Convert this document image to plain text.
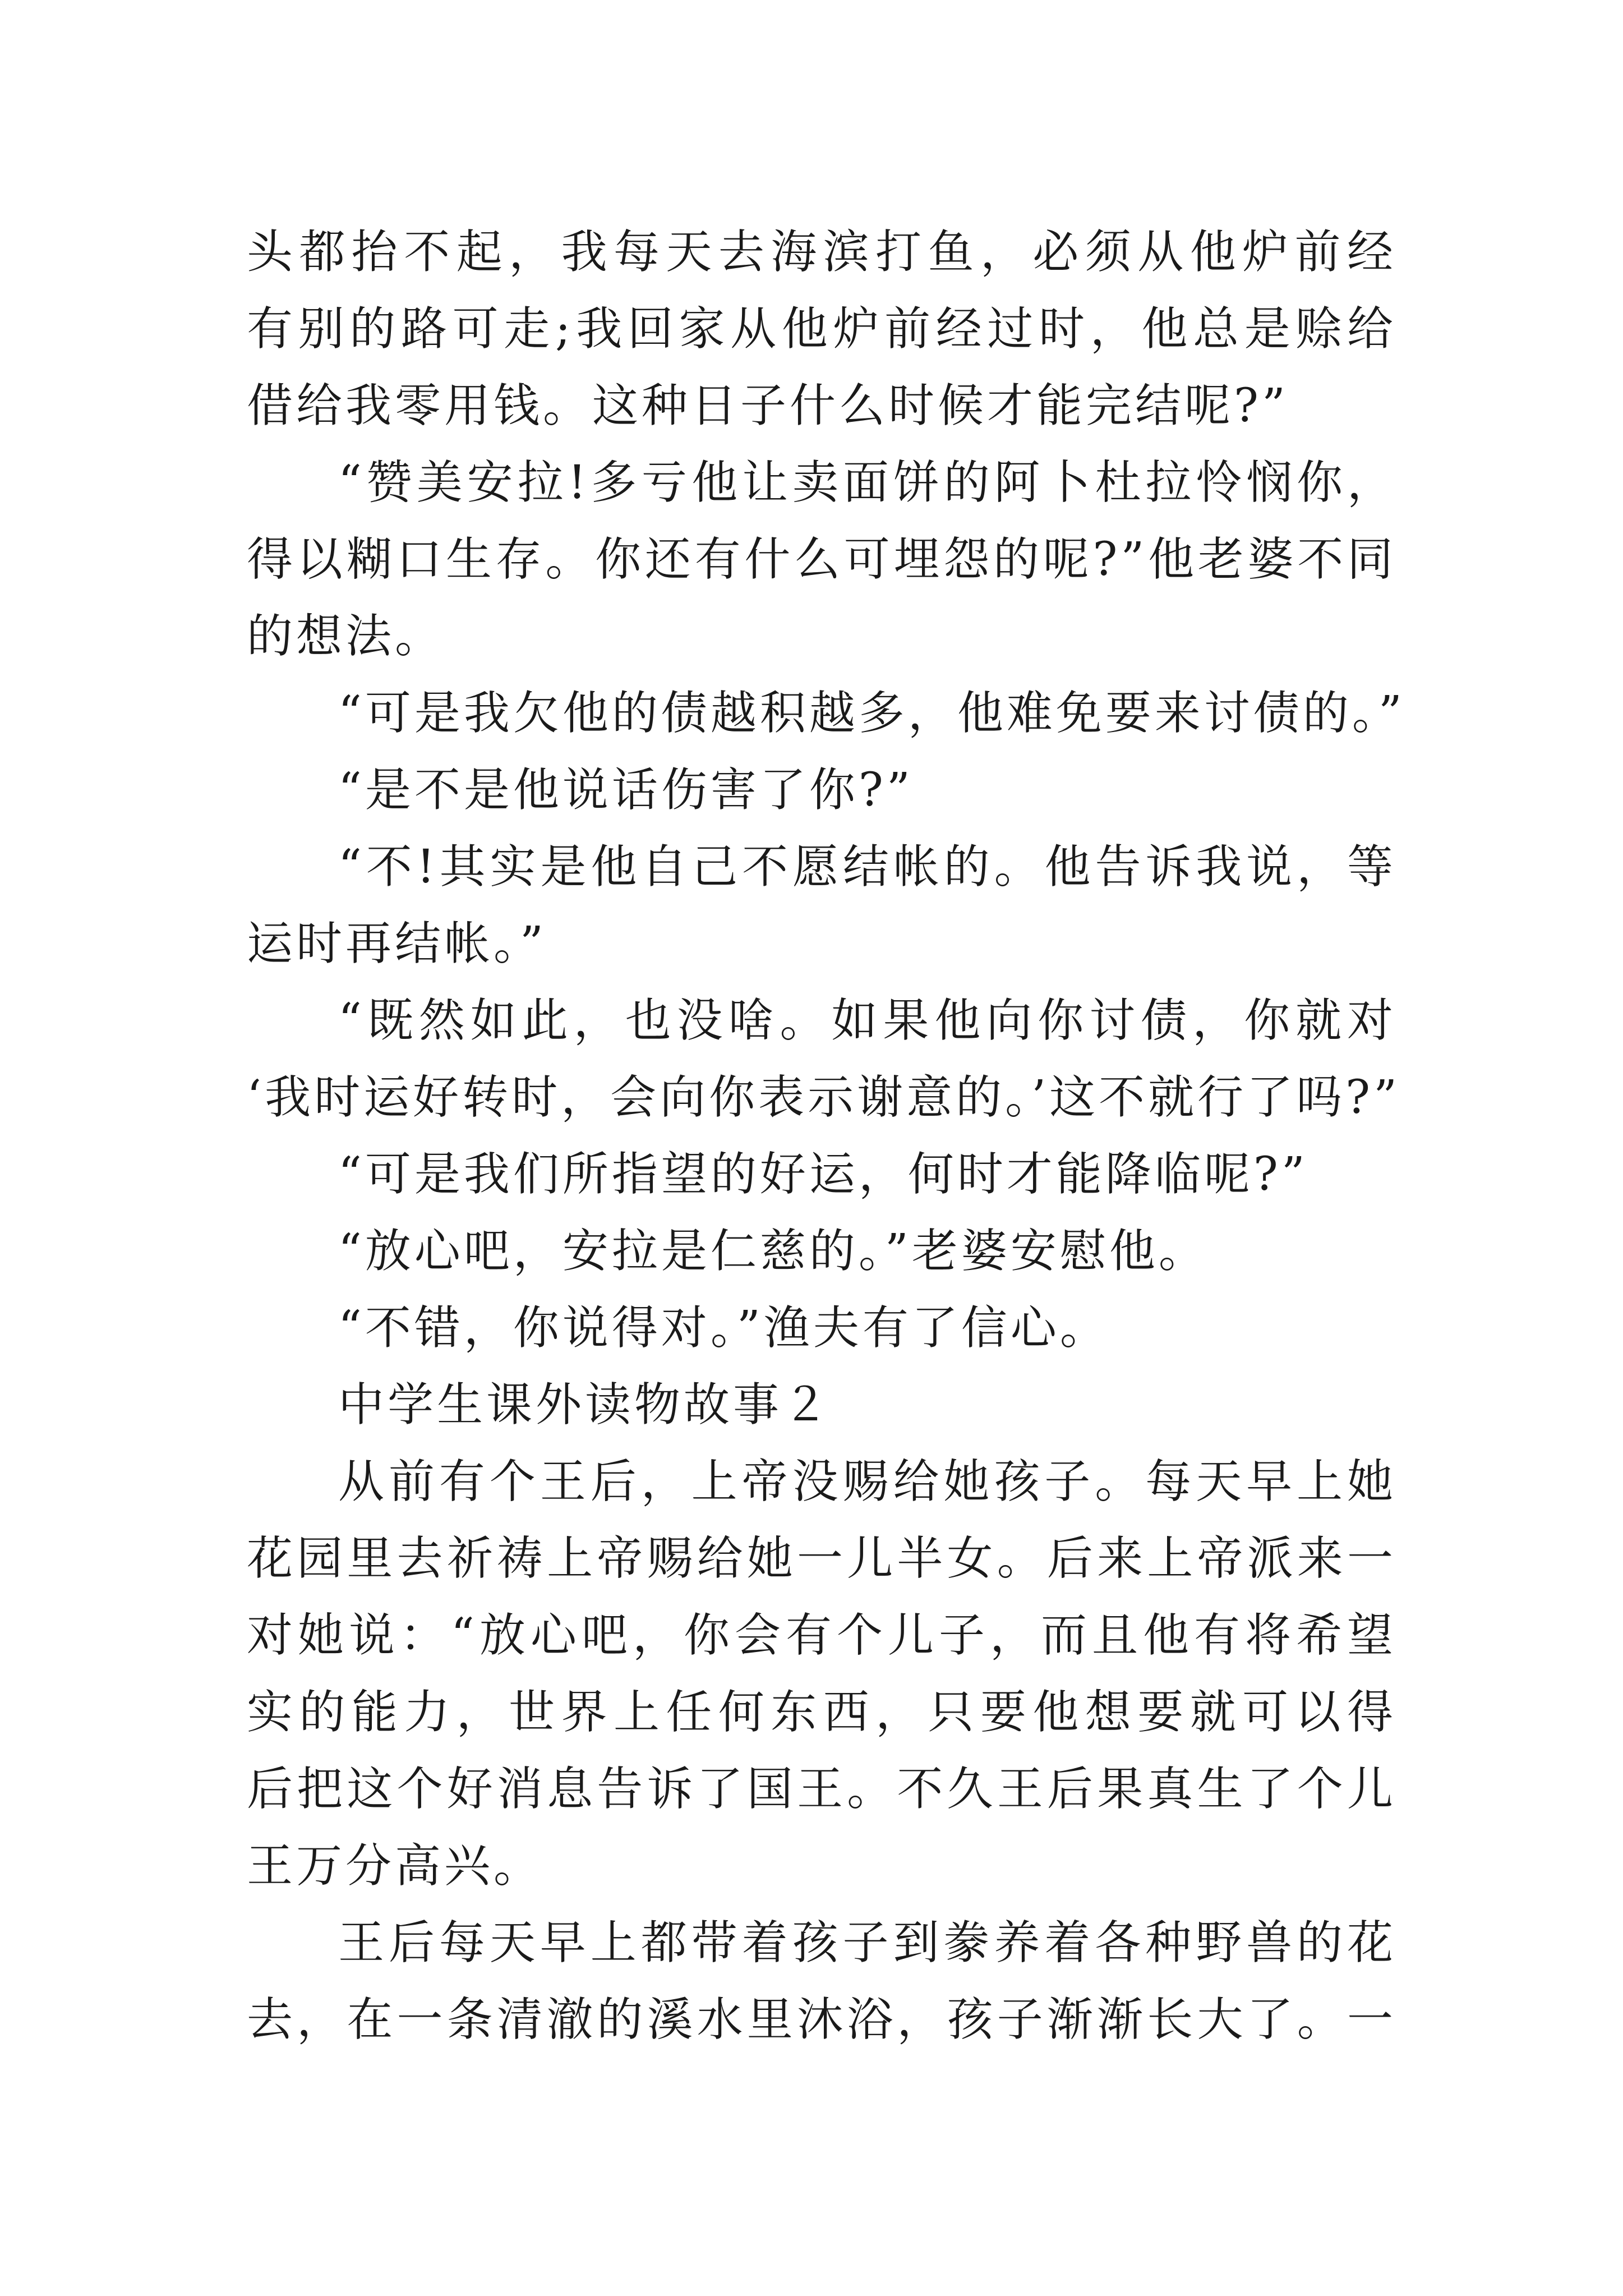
头都抬不起，我每天去海滨打鱼，必须从他炉前经
有别的路可走;我回家从他炉前经过时，他总是赊给
借给我零用钱。这种日子什么时候才能完结呢?”
“赞美安拉!多亏他让卖面饼的阿卜杜拉怜悯你，
得以糊口生存。你还有什么可埋怨的呢?”他老婆不同
的想法。
“可是我欠他的债越积越多，他难免要来讨债的。”
“是不是他说话伤害了你?”
“不!其实是他自己不愿结帐的。他告诉我说，等
运时再结帐。”
“既然如此，也没啥。如果他向你讨债，你就对
‘我时运好转时，会向你表示谢意的。’这不就行了吗?”
“可是我们所指望的好运，何时才能降临呢?”
“放心吧，安拉是仁慈的。”老婆安慰他。
“不错，你说得对。”渔夫有了信心。
中学生课外读物故事２
从前有个王后，上帝没赐给她孩子。每天早上她
花园里去祈祷上帝赐给她一儿半女。后来上帝派来一
对她说：“放心吧，你会有个儿子，而且他有将希望
实的能力，世界上任何东西，只要他想要就可以得
后把这个好消息告诉了国王。不久王后果真生了个儿
王万分高兴。
王后每天早上都带着孩子到豢养着各种野兽的花
去，在一条清澈的溪水里沐浴，孩子渐渐长大了。一
